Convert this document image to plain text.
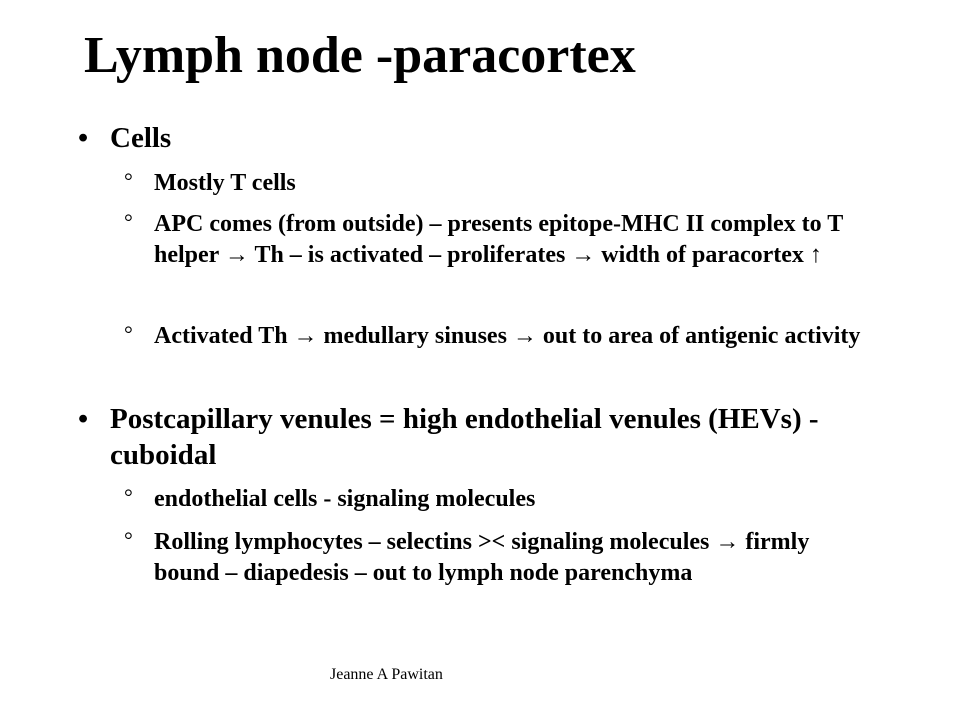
Lymph node -paracortex
• Cells
° Mostly T cells
° APC comes (from outside) – presents epitope-MHC II complex to T helper → Th – is activated – proliferates → width of paracortex ↑
° Activated Th → medullary sinuses → out to area of antigenic activity
• Postcapillary venules = high endothelial venules (HEVs) - cuboidal
° endothelial cells - signaling molecules
° Rolling lymphocytes – selectins >< signaling molecules → firmly bound – diapedesis – out to lymph node parenchyma
Jeanne A Pawitan
